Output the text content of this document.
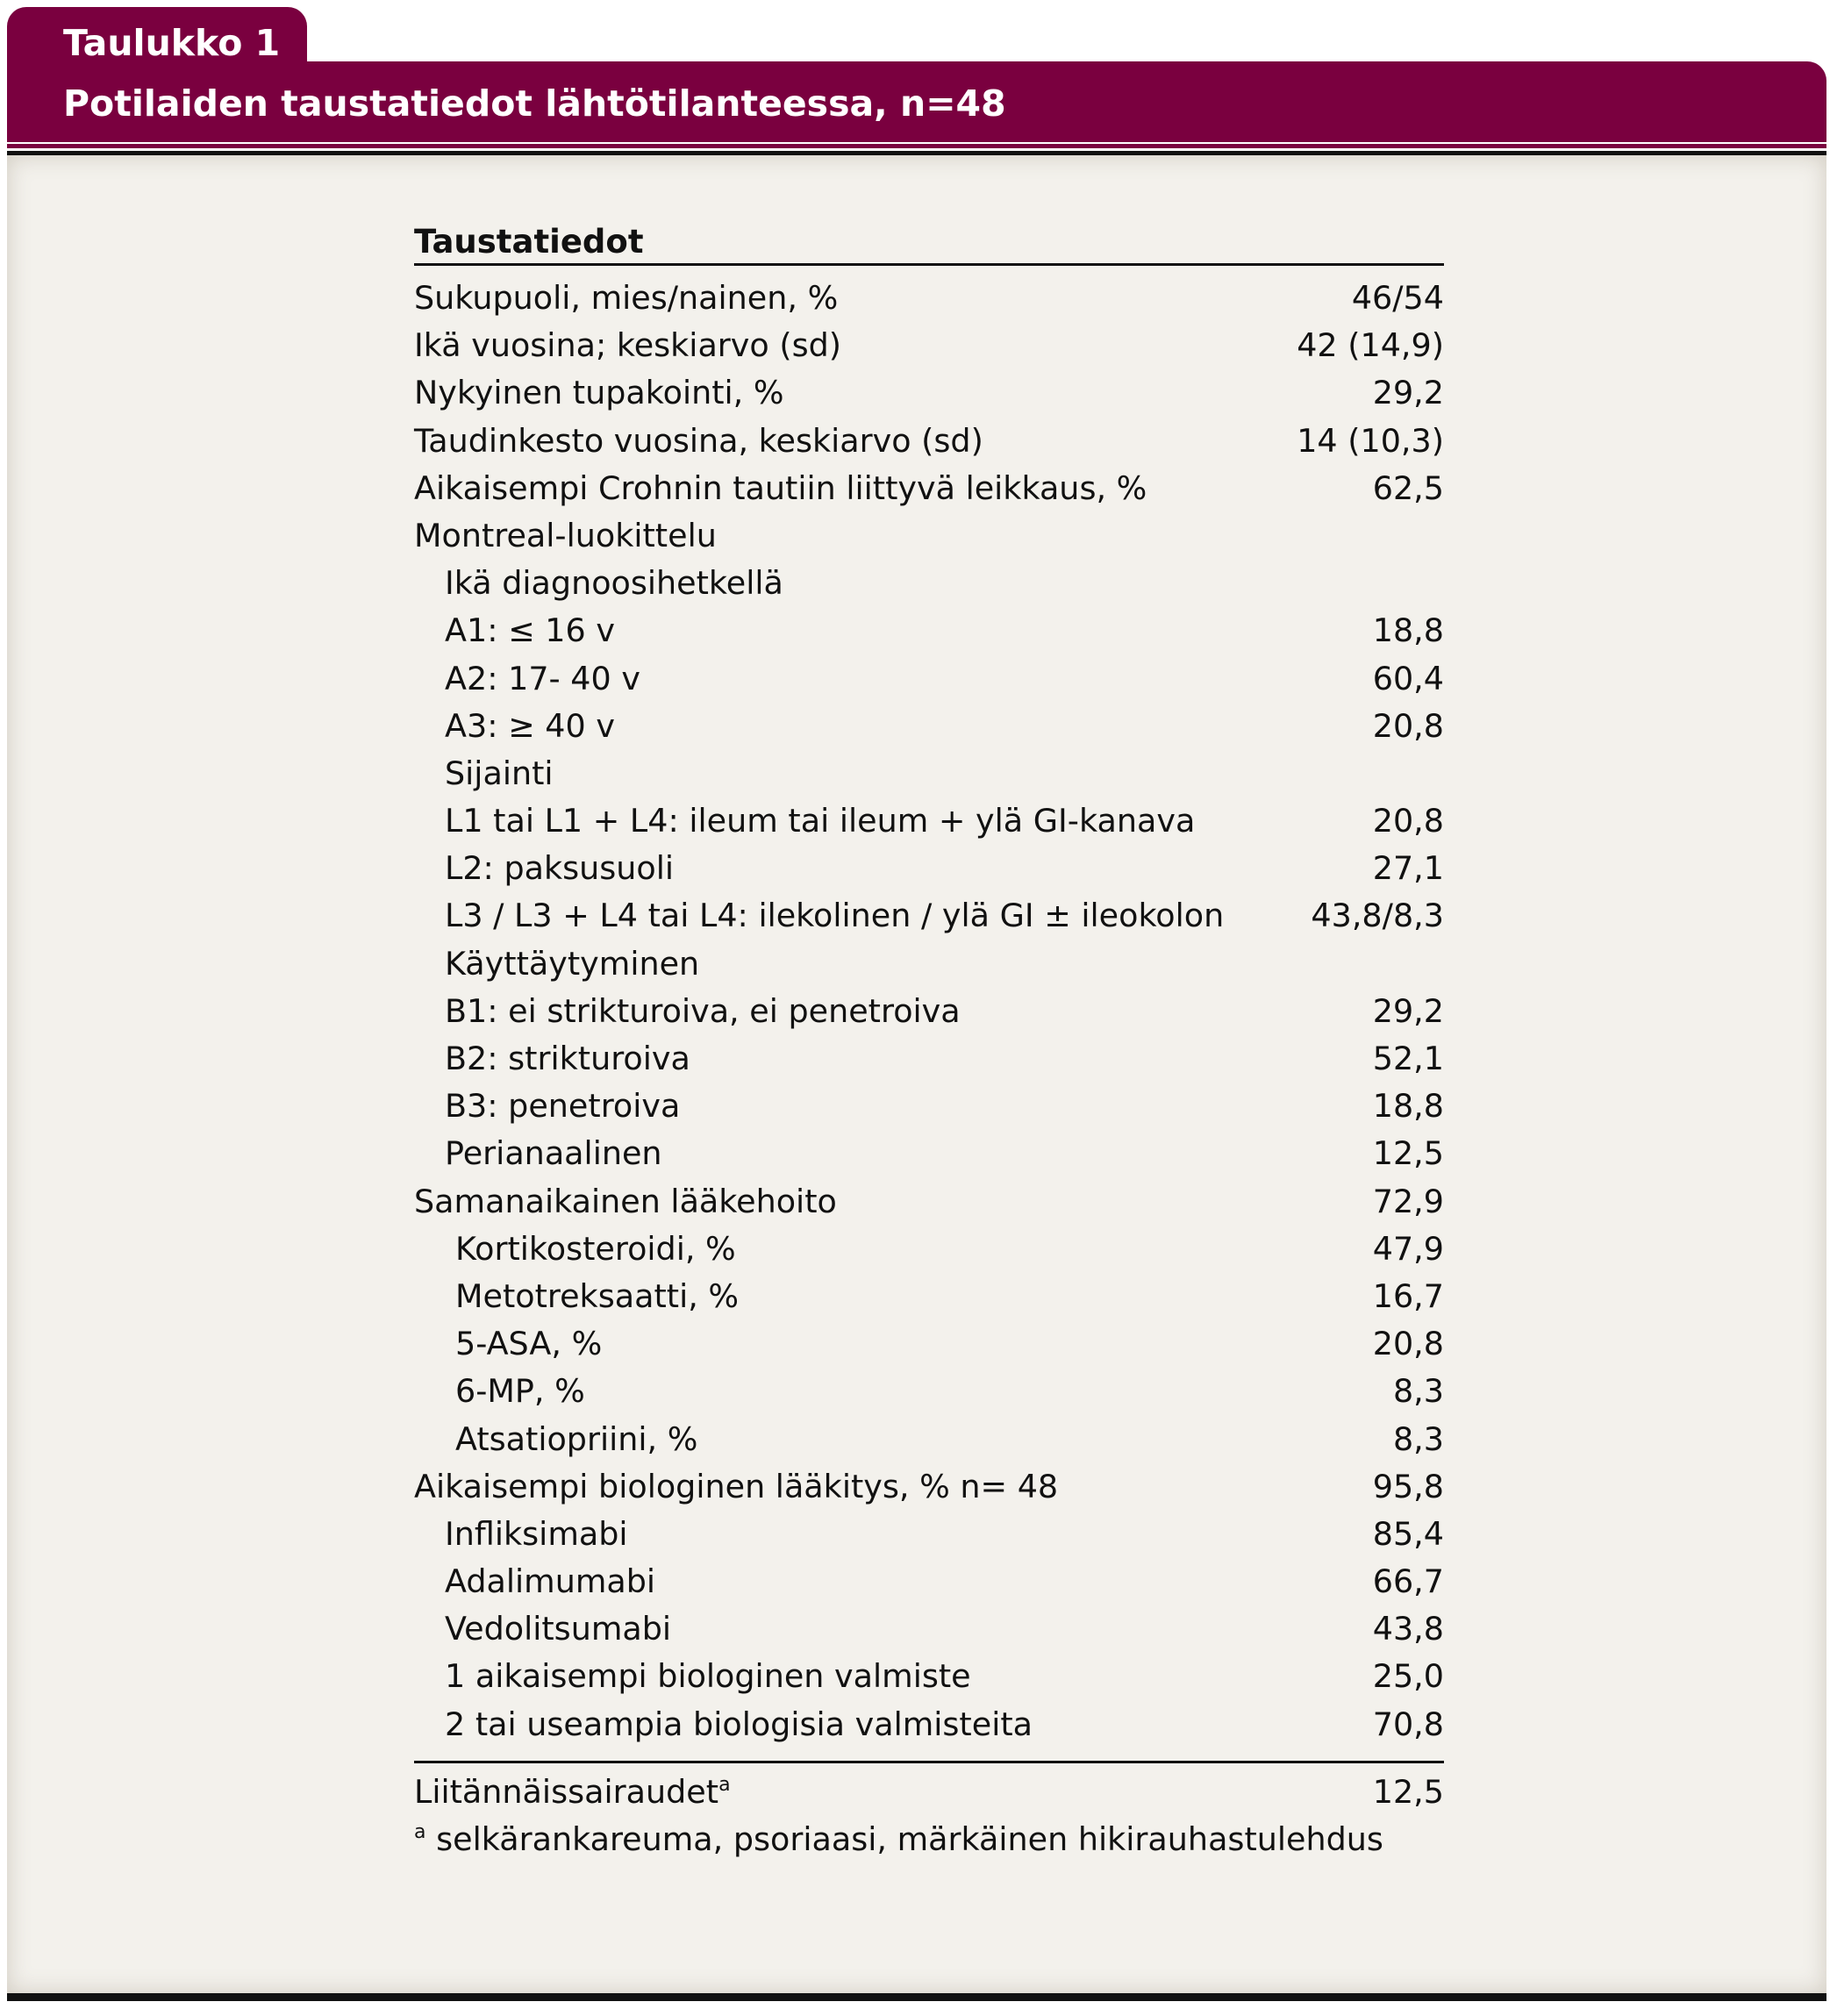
Taulukko 1
Potilaiden taustatiedot lähtötilanteessa, n=48
Taustatiedot
Sukupuoli, mies/nainen, %	46/54
Ikä vuosina; keskiarvo (sd)	42 (14,9)
Nykyinen tupakointi, %	29,2
Taudinkesto vuosina, keskiarvo (sd)	14 (10,3)
Aikaisempi Crohnin tautiin liittyvä leikkaus, %	62,5
Montreal-luokittelu
Ikä diagnoosihetkellä
A1: ≤ 16 v	18,8
A2: 17- 40 v	60,4
A3: ≥ 40 v	20,8
Sijainti
L1 tai L1 + L4: ileum tai ileum + ylä GI-kanava	20,8
L2: paksusuoli	27,1
L3 / L3 + L4 tai L4: ilekolinen / ylä GI ± ileokolon	43,8/8,3
Käyttäytyminen
B1: ei strikturoiva, ei penetroiva	29,2
B2: strikturoiva	52,1
B3: penetroiva	18,8
Perianaalinen	12,5
Samanaikainen lääkehoito	72,9
Kortikosteroidi, %	47,9
Metotreksaatti, %	16,7
5-ASA, %	20,8
6-MP, %	8,3
Atsatiopriini, %	8,3
Aikaisempi biologinen lääkitys, % n= 48	95,8
Infliksimabi	85,4
Adalimumabi	66,7
Vedolitsumabi	43,8
1 aikaisempi biologinen valmiste	25,0
2 tai useampia biologisia valmisteita	70,8
Liitännäissairaudet$^a$	12,5
$^a$ selkärankareuma, psoriaasi, märkäinen hikirauhastulehdus
